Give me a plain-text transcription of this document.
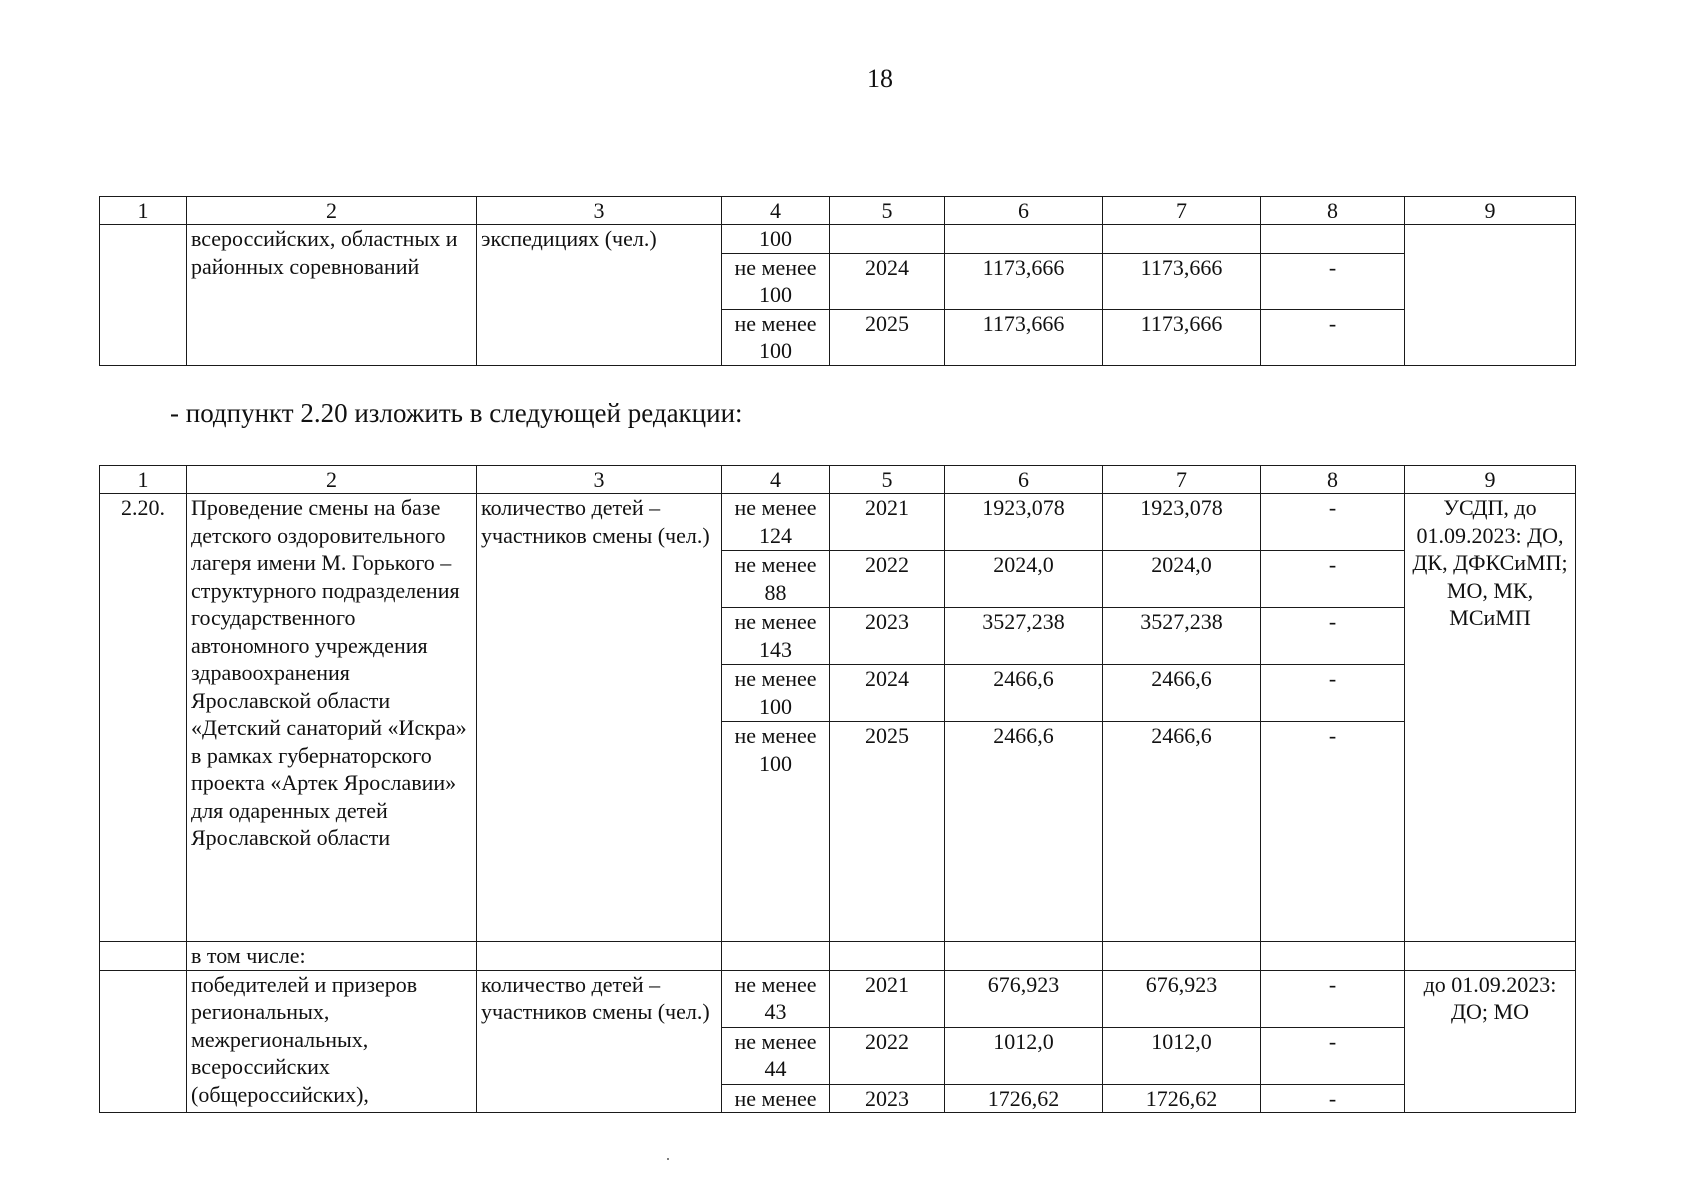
18
1	2	3	4	5	6	7	8	9
	всероссийских, областных и районных соревнований	экспедициях (чел.)	100					
			не менее 100	2024	1173,666	1173,666	-	
			не менее 100	2025	1173,666	1173,666	-	
- подпункт 2.20 изложить в следующей редакции:
1	2	3	4	5	6	7	8	9
2.20.	Проведение смены на базе детского оздоровительного лагеря имени М. Горького – структурного подразделения государственного автономного учреждения здравоохранения Ярославской области «Детский санаторий «Искра» в рамках губернаторского проекта «Артек Ярославии» для одаренных детей Ярославской области	количество детей – участников смены (чел.)	не менее 124	2021	1923,078	1923,078	-	УСДП, до 01.09.2023: ДО, ДК, ДФКСиМП; МО, МК, МСиМП
			не менее 88	2022	2024,0	2024,0	-	
			не менее 143	2023	3527,238	3527,238	-	
			не менее 100	2024	2466,6	2466,6	-	
			не менее 100	2025	2466,6	2466,6	-	
	в том числе:							
	победителей и призеров региональных, межрегиональных, всероссийских (общероссийских),	количество детей – участников смены (чел.)	не менее 43	2021	676,923	676,923	-	до 01.09.2023: ДО; МО
			не менее 44	2022	1012,0	1012,0	-	
			не менее	2023	1726,62	1726,62	-	
